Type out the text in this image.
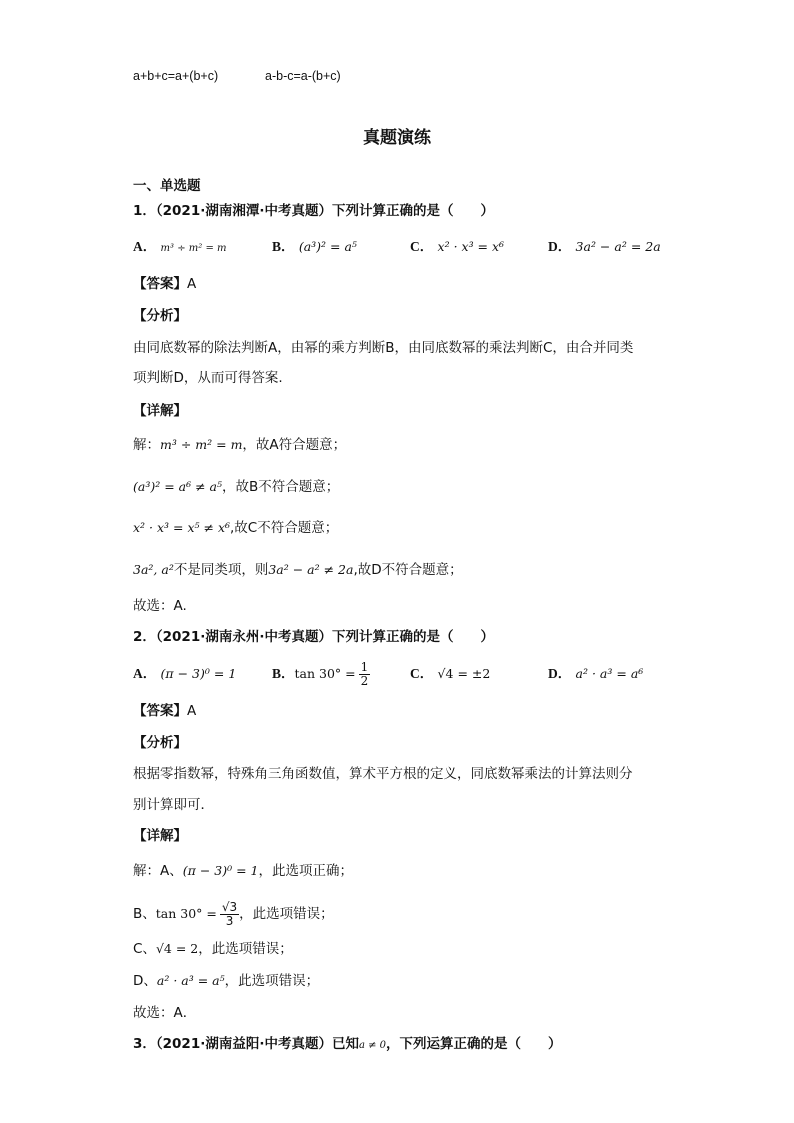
a+b+c=a+(b+c)	a-b-c=a-(b+c)
真题演练
一、单选题
1．（2021·湖南湘潭·中考真题）下列计算正确的是（　　）
A． m³ ÷ m² = m	B． (a³)² = a⁵	C． x² · x³ = x⁶	D． 3a² − a² = 2a
【答案】A
【分析】
由同底数幂的除法判断A，由幂的乘方判断B，由同底数幂的乘法判断C，由合并同类
项判断D，从而可得答案.
【详解】
解：m³ ÷ m² = m，故A符合题意；
(a³)² = a⁶ ≠ a⁵，故B不符合题意；
x² · x³ = x⁵ ≠ x⁶,故C不符合题意；
3a², a²不是同类项，则3a² − a² ≠ 2a,故D不符合题意；
故选：A.
2．（2021·湖南永州·中考真题）下列计算正确的是（　　）
A． (π − 3)⁰ = 1	B． $\tan 30^\circ = \frac{1}{2}$	C． √4 = ±2	D． a² · a³ = a⁶
【答案】A
【分析】
根据零指数幂，特殊角三角函数值，算术平方根的定义，同底数幂乘法的计算法则分
别计算即可．
【详解】
解：A、(π − 3)⁰ = 1，此选项正确；
B、 $\tan 30^\circ = \frac{√3}{3}$ ，此选项错误；
C、√4 = 2，此选项错误；
D、a² · a³ = a⁵，此选项错误；
故选：A．
3．（2021·湖南益阳·中考真题）已知a ≠ 0，下列运算正确的是（　　）
